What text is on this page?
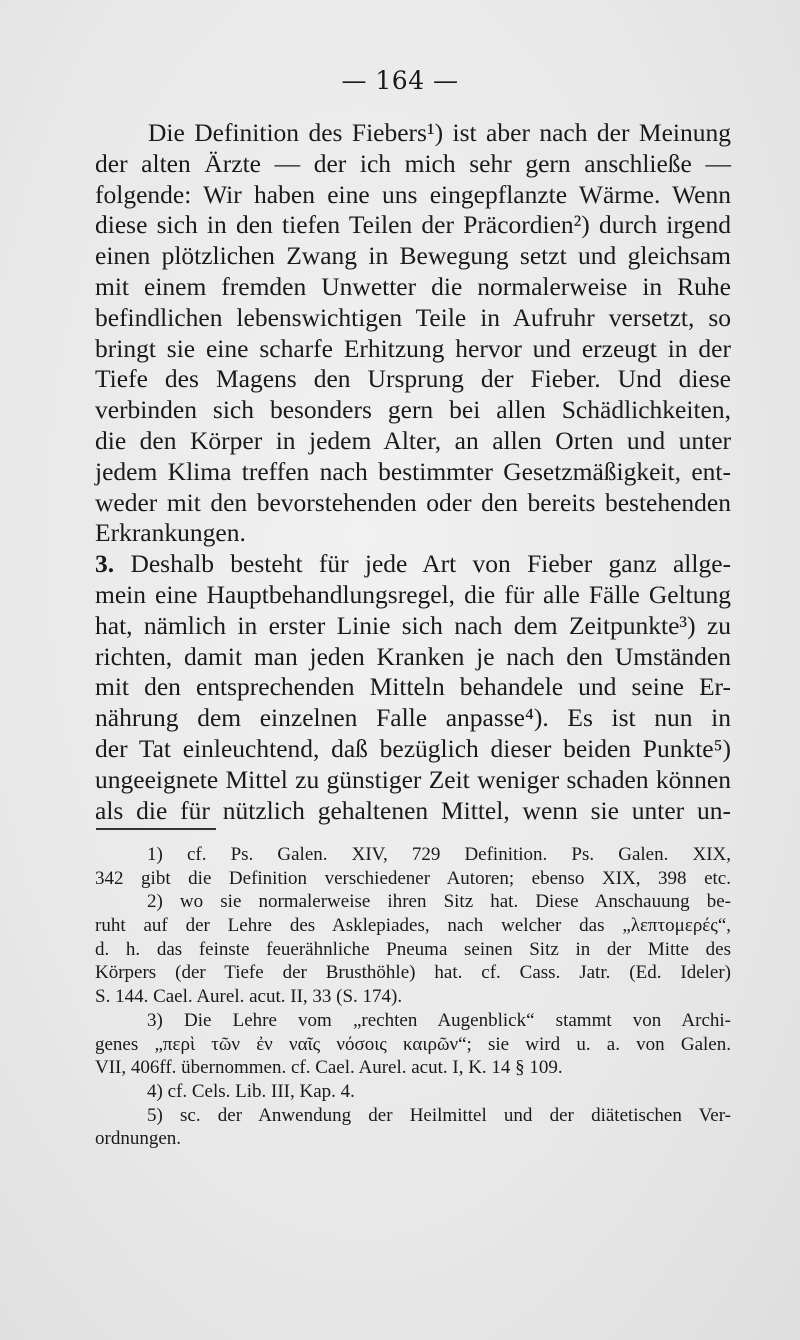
— 164 —
Die Definition des Fiebers¹) ist aber nach der Meinung
der alten Ärzte — der ich mich sehr gern anschließe —
folgende: Wir haben eine uns eingepflanzte Wärme. Wenn
diese sich in den tiefen Teilen der Präcordien²) durch irgend
einen plötzlichen Zwang in Bewegung setzt und gleichsam
mit einem fremden Unwetter die normalerweise in Ruhe
befindlichen lebenswichtigen Teile in Aufruhr versetzt, so
bringt sie eine scharfe Erhitzung hervor und erzeugt in der
Tiefe des Magens den Ursprung der Fieber. Und diese
verbinden sich besonders gern bei allen Schädlichkeiten,
die den Körper in jedem Alter, an allen Orten und unter
jedem Klima treffen nach bestimmter Gesetzmäßigkeit, ent-
weder mit den bevorstehenden oder den bereits bestehenden
Erkrankungen.
3. Deshalb besteht für jede Art von Fieber ganz allge-
mein eine Hauptbehandlungsregel, die für alle Fälle Geltung
hat, nämlich in erster Linie sich nach dem Zeitpunkte³) zu
richten, damit man jeden Kranken je nach den Umständen
mit den entsprechenden Mitteln behandele und seine Er-
nährung dem einzelnen Falle anpasse⁴). Es ist nun in
der Tat einleuchtend, daß bezüglich dieser beiden Punkte⁵)
ungeeignete Mittel zu günstiger Zeit weniger schaden können
als die für nützlich gehaltenen Mittel, wenn sie unter un-
1) cf. Ps. Galen. XIV, 729 Definition. Ps. Galen. XIX,
342 gibt die Definition verschiedener Autoren; ebenso XIX, 398 etc.
2) wo sie normalerweise ihren Sitz hat. Diese Anschauung be-
ruht auf der Lehre des Asklepiades, nach welcher das „λεπτομερές“,
d. h. das feinste feuerähnliche Pneuma seinen Sitz in der Mitte des
Körpers (der Tiefe der Brusthöhle) hat. cf. Cass. Jatr. (Ed. Ideler)
S. 144. Cael. Aurel. acut. II, 33 (S. 174).
3) Die Lehre vom „rechten Augenblick“ stammt von Archi-
genes „περὶ τῶν ἐν ναῖς νόσοις καιρῶν“; sie wird u. a. von Galen.
VII, 406ff. übernommen. cf. Cael. Aurel. acut. I, K. 14 § 109.
4) cf. Cels. Lib. III, Kap. 4.
5) sc. der Anwendung der Heilmittel und der diätetischen Ver-
ordnungen.
